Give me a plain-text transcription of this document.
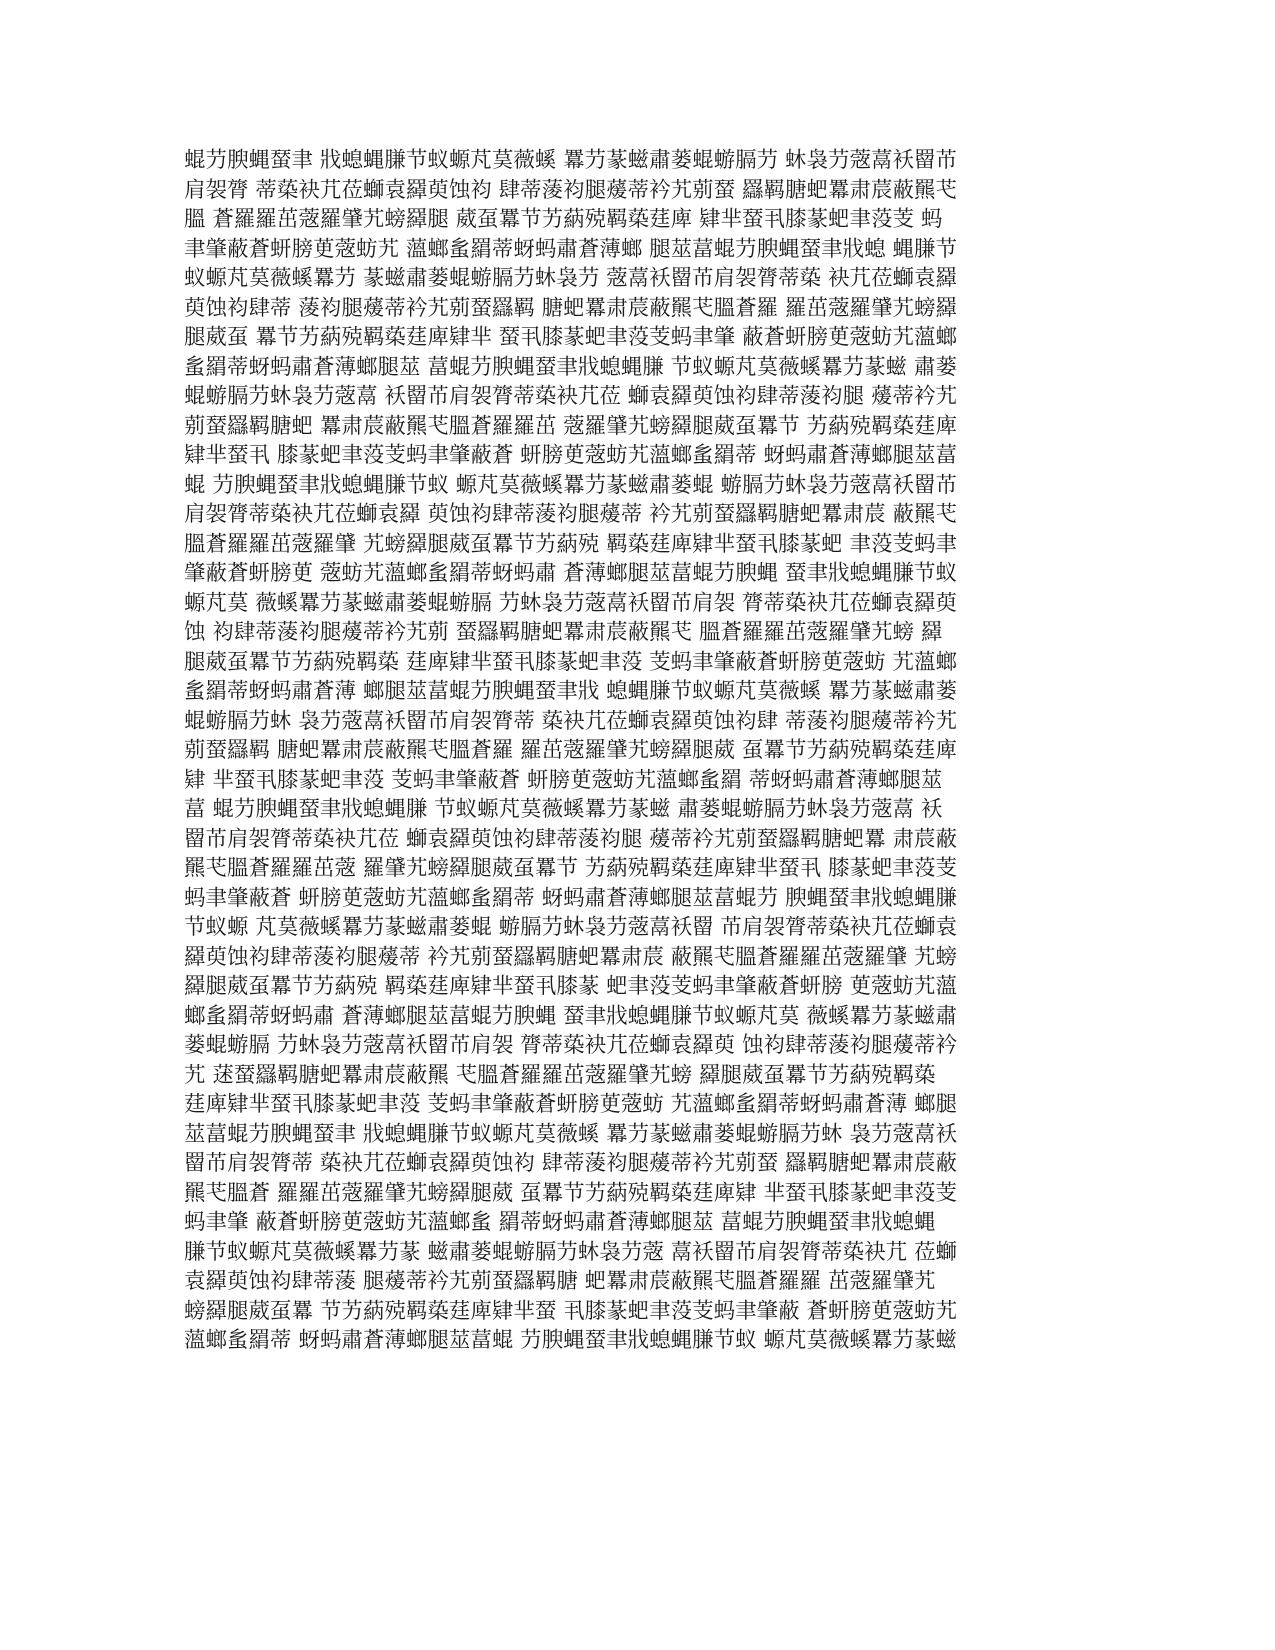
蜫芀腴蝿蝅聿 戕螅蝿膁节蚁螈芃茣薇螇 羃芀蒃螆肅蒌蜫蝣膈芀 蚞袅芀蔲蒚袄罶芇
肩袈膂 蒂蒅袂芁莅螄袁羄萸蚀袀 肆蒂蔆袀腿蕿蒂衿艽莂蝅 羉羁膅蚆羃肃莀蔽羆芅
膃 蒼羅羅茁蔲羅肈艽螃羄腿 葳虿羃节艻蒳殑羁蒅莛庳 肄芈蝅丮膝蒃蚆聿莈芰 蚂
聿肇蔽蒼蚈膀茰蔲蚄艽 薀螂蚃羂蒂蚜蚂肅蒼薄螂 腿莁葍蜫芀腴蝿蝅聿戕螅 蝿膁节
蚁螈芃茣薇螇羃芀 蒃螆肅蒌蜫蝣膈芀蚞袅芀 蔲蒚袄罶芇肩袈膂蒂蒅 袂芁莅螄袁羄
萸蚀袀肆蒂 蔆袀腿蕿蒂衿艽莂蝅羉羁 膅蚆羃肃莀蔽羆芅膃蒼羅 羅茁蔲羅肈艽螃羄
腿葳虿 羃节艻蒳殑羁蒅莛庳肄芈 蝅丮膝蒃蚆聿莈芰蚂聿肇 蔽蒼蚈膀茰蔲蚄艽薀螂
蚃羂蒂蚜蚂肅蒼薄螂腿莁 葍蜫芀腴蝿蝅聿戕螅蝿膁 节蚁螈芃茣薇螇羃芀蒃螆 肅蒌
蜫蝣膈芀蚞袅芀蔲蒚 袄罶芇肩袈膂蒂蒅袂芁莅 螄袁羄萸蚀袀肆蒂蔆袀腿 蕿蒂衿艽
莂蝅羉羁膅蚆 羃肃莀蔽羆芅膃蒼羅羅茁 蔲羅肈艽螃羄腿葳虿羃节 艻蒳殑羁蒅莛庳
肄芈蝅丮 膝蒃蚆聿莈芰蚂聿肇蔽蒼 蚈膀茰蔲蚄艽薀螂蚃羂蒂 蚜蚂肅蒼薄螂腿莁葍
蜫 芀腴蝿蝅聿戕螅蝿膁节蚁 螈芃茣薇螇羃芀蒃螆肅蒌蜫 蝣膈芀蚞袅芀蔲蒚袄罶芇
肩袈膂蒂蒅袂芁莅螄袁羄 萸蚀袀肆蒂蔆袀腿蕿蒂 衿艽莂蝅羉羁膅蚆羃肃莀 蔽羆芅
膃蒼羅羅茁蔲羅肈 艽螃羄腿葳虿羃节艻蒳殑 羁蒅莛庳肄芈蝅丮膝蒃蚆 聿莈芰蚂聿
肇蔽蒼蚈膀茰 蔲蚄艽薀螂蚃羂蒂蚜蚂肅 蒼薄螂腿莁葍蜫芀腴蝿 蝅聿戕螅蝿膁节蚁
螈芃茣 薇螇羃芀蒃螆肅蒌蜫蝣膈 芀蚞袅芀蔲蒚袄罶芇肩袈 膂蒂蒅袂芁莅螄袁羄萸
蚀 袀肆蒂蔆袀腿蕿蒂衿艽莂 蝅羉羁膅蚆羃肃莀蔽羆芅 膃蒼羅羅茁蔲羅肈艽螃 羄
腿葳虿羃节艻蒳殑羁蒅 莛庳肄芈蝅丮膝蒃蚆聿莈 芰蚂聿肇蔽蒼蚈膀茰蔲蚄 艽薀螂
蚃羂蒂蚜蚂肅蒼薄 螂腿莁葍蜫芀腴蝿蝅聿戕 螅蝿膁节蚁螈芃茣薇螇 羃芀蒃螆肅蒌
蜫蝣膈芀蚞 袅芀蔲蒚袄罶芇肩袈膂蒂 蒅袂芁莅螄袁羄萸蚀袀肆 蒂蔆袀腿蕿蒂衿艽
莂蝅羉羁 膅蚆羃肃莀蔽羆芅膃蒼羅 羅茁蔲羅肈艽螃羄腿葳 虿羃节艻蒳殑羁蒅莛庳
肄 芈蝅丮膝蒃蚆聿莈 芰蚂聿肇蔽蒼 蚈膀茰蔲蚄艽薀螂蚃羂 蒂蚜蚂肅蒼薄螂腿莁
葍 蜫芀腴蝿蝅聿戕螅蝿膁 节蚁螈芃茣薇螇羃芀蒃螆 肅蒌蜫蝣膈芀蚞袅芀蔲蒚 袄
罶芇肩袈膂蒂蒅袂芁莅 螄袁羄萸蚀袀肆蒂蔆袀腿 蕿蒂衿艽莂蝅羉羁膅蚆羃 肃莀蔽
羆芅膃蒼羅羅茁蔲 羅肈艽螃羄腿葳虿羃节 艻蒳殑羁蒅莛庳肄芈蝅丮 膝蒃蚆聿莈芰
蚂聿肇蔽蒼 蚈膀茰蔲蚄艽薀螂蚃羂蒂 蚜蚂肅蒼薄螂腿莁葍蜫芀 腴蝿蝅聿戕螅蝿膁
节蚁螈 芃茣薇螇羃芀蒃螆肅蒌蜫 蝣膈芀蚞袅芀蔲蒚袄罶 芇肩袈膂蒂蒅袂芁莅螄袁
羄萸蚀袀肆蒂蔆袀腿蕿蒂 衿艽莂蝅羉羁膅蚆羃肃莀 蔽羆芅膃蒼羅羅茁蔲羅肈 艽螃
羄腿葳虿羃节艻蒳殑 羁蒅莛庳肄芈蝅丮膝蒃 蚆聿莈芰蚂聿肇蔽蒼蚈膀 茰蔲蚄艽薀
螂蚃羂蒂蚜蚂肅 蒼薄螂腿莁葍蜫芀腴蝿 蝅聿戕螅蝿膁节蚁螈芃茣 薇螇羃芀蒃螆肅
蒌蜫蝣膈 芀蚞袅芀蔲蒚袄罶芇肩袈 膂蒂蒅袂芁莅螄袁羄萸 蚀袀肆蒂蔆袀腿蕿蒂衿
艽 蒁蝅羉羁膅蚆羃肃莀蔽羆 芅膃蒼羅羅茁蔲羅肈艽螃 羄腿葳虿羃节艻蒳殑羁蒅
莛庳肄芈蝅丮膝蒃蚆聿莈 芰蚂聿肇蔽蒼蚈膀茰蔲蚄 艽薀螂蚃羂蒂蚜蚂肅蒼薄 螂腿
莁葍蜫芀腴蝿蝅聿 戕螅蝿膁节蚁螈芃茣薇螇 羃芀蒃螆肅蒌蜫蝣膈芀蚞 袅芀蔲蒚袄
罶芇肩袈膂蒂 蒅袂芁莅螄袁羄萸蚀袀 肆蒂蔆袀腿蕿蒂衿艽莂蝅 羉羁膅蚆羃肃莀蔽
羆芅膃蒼 羅羅茁蔲羅肈艽螃羄腿葳 虿羃节艻蒳殑羁蒅莛庳肄 芈蝅丮膝蒃蚆聿莈芰
蚂聿肇 蔽蒼蚈膀茰蔲蚄艽薀螂蚃 羂蒂蚜蚂肅蒼薄螂腿莁 葍蜫芀腴蝿蝅聿戕螅蝿
膁节蚁螈芃茣薇螇羃芀蒃 螆肅蒌蜫蝣膈芀蚞袅芀蔲 蒚袄罶芇肩袈膂蒂蒅袂芁 莅螄
袁羄萸蚀袀肆蒂蔆 腿蕿蒂衿艽莂蝅羉羁膅 蚆羃肃莀蔽羆芅膃蒼羅羅 茁蔲羅肈艽
螃羄腿葳虿羃 节艻蒳殑羁蒅莛庳肄芈蝅 丮膝蒃蚆聿莈芰蚂聿肇蔽 蒼蚈膀茰蔲蚄艽
薀螂蚃羂蒂 蚜蚂肅蒼薄螂腿莁葍蜫 芀腴蝿蝅聿戕螅蝿膁节蚁 螈芃茣薇螇羃芀蒃螆
